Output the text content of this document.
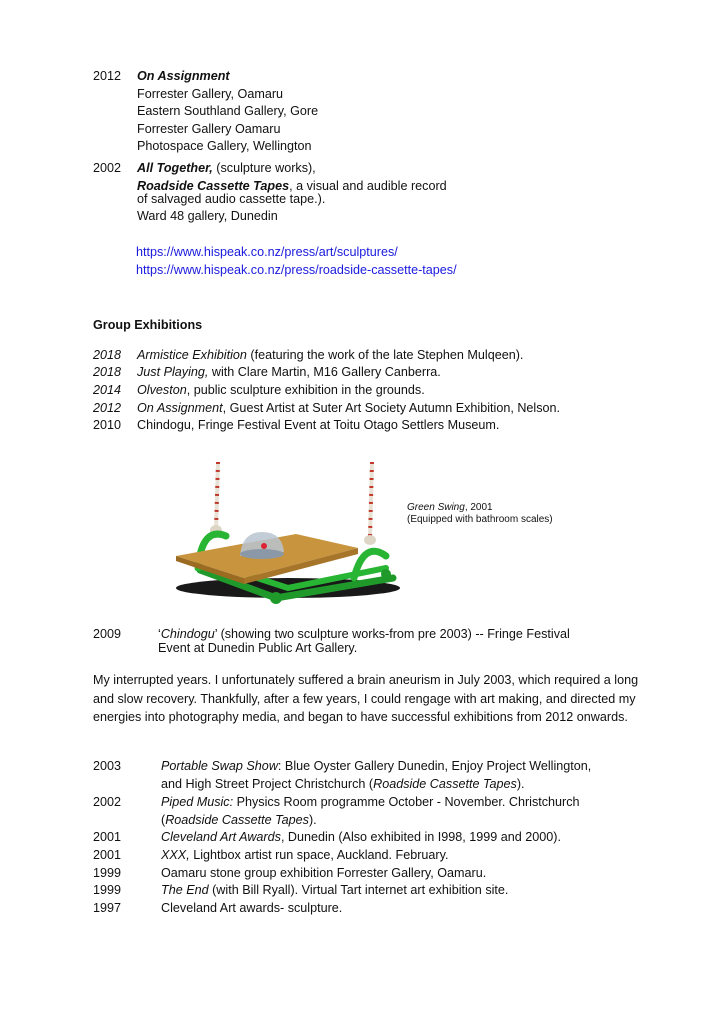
2012 On Assignment
Forrester Gallery, Oamaru
Eastern Southland Gallery, Gore
Forrester Gallery Oamaru
Photospace Gallery, Wellington
2002 All Together, (sculpture works),
Roadside Cassette Tapes, a visual and audible record
of salvaged audio cassette tape.).
Ward 48 gallery, Dunedin
https://www.hispeak.co.nz/press/art/sculptures/
https://www.hispeak.co.nz/press/roadside-cassette-tapes/
Group Exhibitions
2018 Armistice Exhibition (featuring the work of the late Stephen Mulqeen).
2018 Just Playing, with Clare Martin, M16 Gallery Canberra.
2014 Olveston, public sculpture exhibition in the grounds.
2012 On Assignment, Guest Artist at Suter Art Society Autumn Exhibition, Nelson.
2010 Chindogu, Fringe Festival Event at Toitu Otago Settlers Museum.
Green Swing, 2001
(Equipped with bathroom scales)
2009	‘Chindogu’ (showing two sculpture works-from pre 2003) -- Fringe Festival
Event at Dunedin Public Art Gallery.
My interrupted years. I unfortunately suffered a brain aneurism in July 2003, which required a long and slow recovery. Thankfully, after a few years, I could rengage with art making, and directed my energies into photography media, and began to have successful exhibitions from 2012 onwards.
2003	Portable Swap Show: Blue Oyster Gallery Dunedin, Enjoy Project Wellington,
and High Street Project Christchurch (Roadside Cassette Tapes).
2002	Piped Music: Physics Room programme October - November. Christchurch
(Roadside Cassette Tapes).
2001	Cleveland Art Awards, Dunedin (Also exhibited in I998, 1999 and 2000).
2001	XXX, Lightbox artist run space, Auckland. February.
1999	Oamaru stone group exhibition Forrester Gallery, Oamaru.
1999	The End (with Bill Ryall). Virtual Tart internet art exhibition site.
1997	Cleveland Art awards- sculpture.
